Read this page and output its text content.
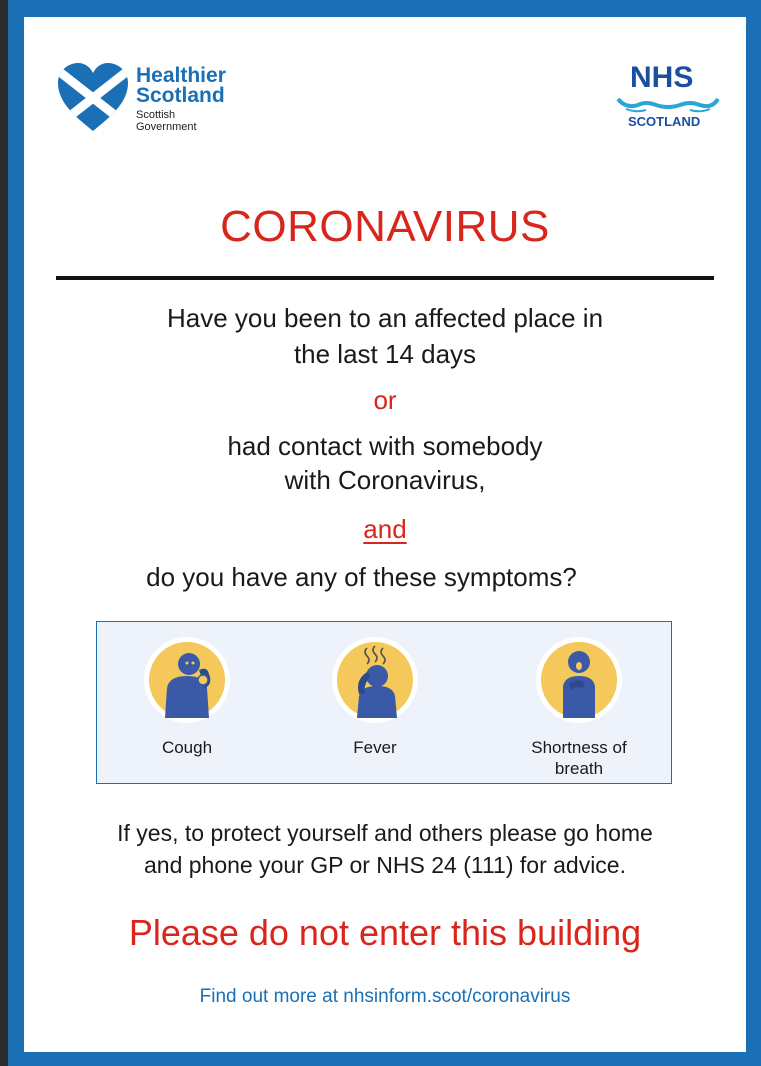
Healthier
Scotland
Scottish
Government
NHS
SCOTLAND
CORONAVIRUS
Have you been to an affected place in
the last 14 days
or
had contact with somebody
with Coronavirus,
and
do you have any of these symptoms?
Cough	Fever	Shortness of
breath
If yes, to protect yourself and others please go home
and phone your GP or NHS 24 (111) for advice.
Please do not enter this building
Find out more at nhsinform.scot/coronavirus
